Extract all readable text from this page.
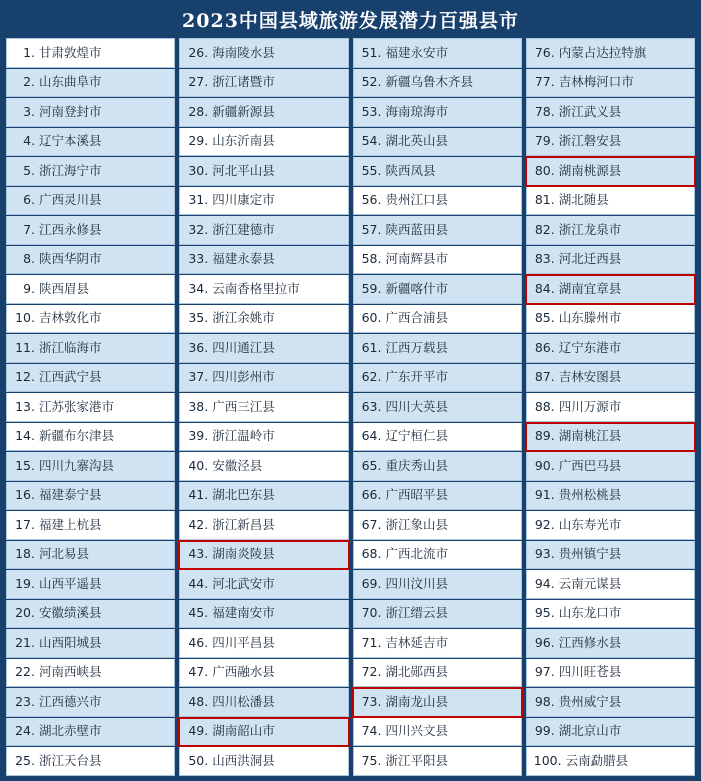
2023中国县域旅游发展潜力百强县市
1. 甘肃敦煌市
2. 山东曲阜市
3. 河南登封市
4. 辽宁本溪县
5. 浙江海宁市
6. 广西灵川县
7. 江西永修县
8. 陕西华阴市
9. 陕西眉县
10. 吉林敦化市
11. 浙江临海市
12. 江西武宁县
13. 江苏张家港市
14. 新疆布尔津县
15. 四川九寨沟县
16. 福建泰宁县
17. 福建上杭县
18. 河北易县
19. 山西平遥县
20. 安徽绩溪县
21. 山西阳城县
22. 河南西峡县
23. 江西德兴市
24. 湖北赤壁市
25. 浙江天台县
26. 海南陵水县
27. 浙江诸暨市
28. 新疆新源县
29. 山东沂南县
30. 河北平山县
31. 四川康定市
32. 浙江建德市
33. 福建永泰县
34. 云南香格里拉市
35. 浙江余姚市
36. 四川通江县
37. 四川彭州市
38. 广西三江县
39. 浙江温岭市
40. 安徽泾县
41. 湖北巴东县
42. 浙江新昌县
43. 湖南炎陵县
44. 河北武安市
45. 福建南安市
46. 四川平昌县
47. 广西融水县
48. 四川松潘县
49. 湖南韶山市
50. 山西洪洞县
51. 福建永安市
52. 新疆乌鲁木齐县
53. 海南琼海市
54. 湖北英山县
55. 陕西凤县
56. 贵州江口县
57. 陕西蓝田县
58. 河南辉县市
59. 新疆喀什市
60. 广西合浦县
61. 江西万载县
62. 广东开平市
63. 四川大英县
64. 辽宁桓仁县
65. 重庆秀山县
66. 广西昭平县
67. 浙江象山县
68. 广西北流市
69. 四川汶川县
70. 浙江缙云县
71. 吉林延吉市
72. 湖北郧西县
73. 湖南龙山县
74. 四川兴文县
75. 浙江平阳县
76. 内蒙占达拉特旗
77. 吉林梅河口市
78. 浙江武义县
79. 浙江磐安县
80. 湖南桃源县
81. 湖北随县
82. 浙江龙泉市
83. 河北迁西县
84. 湖南宜章县
85. 山东滕州市
86. 辽宁东港市
87. 吉林安图县
88. 四川万源市
89. 湖南桃江县
90. 广西巴马县
91. 贵州松桃县
92. 山东寿光市
93. 贵州镇宁县
94. 云南元谋县
95. 山东龙口市
96. 江西修水县
97. 四川旺苍县
98. 贵州威宁县
99. 湖北京山市
100. 云南勐腊县
